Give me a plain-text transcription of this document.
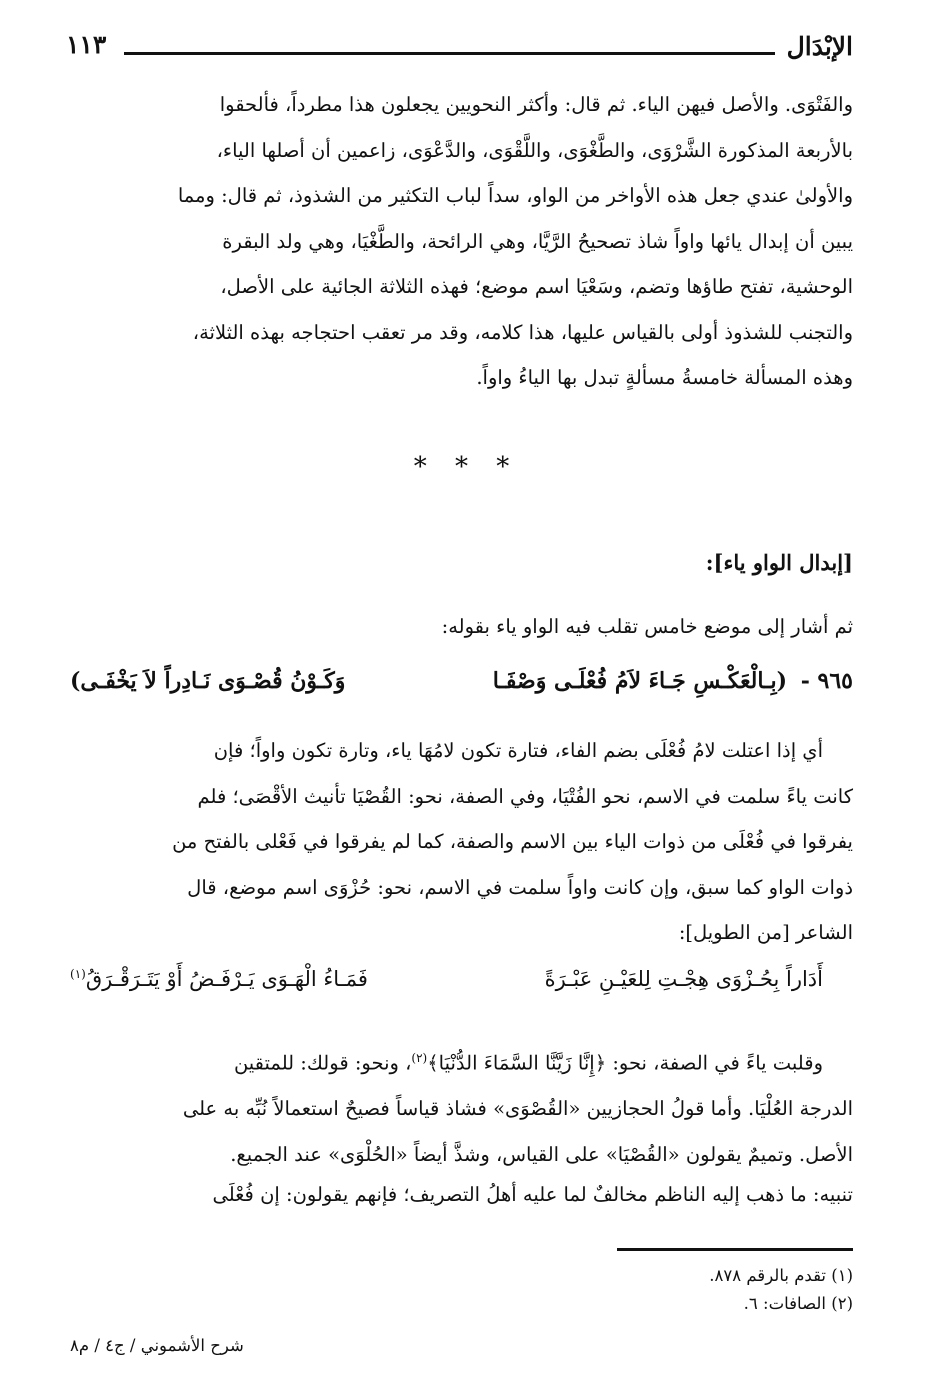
الإبْدَال
١١٣

والفَتْوَى. والأصل فيهن الياء. ثم قال: وأكثر النحويين يجعلون هذا مطرداً، فألحقوا

بالأربعة المذكورة الشَّرْوَى، والطَّغْوَى، واللَّقْوَى، والدَّعْوَى، زاعمين أن أصلها الياء،

والأولىٰ عندي جعل هذه الأواخر من الواو، سداً لباب التكثير من الشذوذ، ثم قال: ومما

يبين أن إبدال يائها واواً شاذ تصحيحُ الرَّيَّا، وهي الرائحة، والطَّغْيَا، وهي ولد البقرة

الوحشية، تفتح طاؤها وتضم، وسَعْيَا اسم موضع؛ فهذه الثلاثة الجائية على الأصل،

والتجنب للشذوذ أولى بالقياس عليها، هذا كلامه، وقد مر تعقب احتجاجه بهذه الثلاثة،

وهذه المسألة خامسةُ مسألةٍ تبدل بها الياءُ واواً.

* * *
[إبدال الواو ياء]:
ثم أشار إلى موضع خامس تقلب فيه الواو ياء بقوله:
٩٦٥ - (بِـالْعَكْـسِ جَـاءَ لاَمُ فُعْلَـى وَصْفَـا
وَكَـوْنُ قُصْـوَى نَـادِراً لاَ يَخْفَـى)

أي إذا اعتلت لامُ فُعْلَى بضم الفاء، فتارة تكون لامُهَا ياء، وتارة تكون واواً؛ فإن

كانت ياءً سلمت في الاسم، نحو الفُتْيَا، وفي الصفة، نحو: القُصْيَا تأنيث الأقْصَى؛ فلم

يفرقوا في فُعْلَى من ذوات الياء بين الاسم والصفة، كما لم يفرقوا في فَعْلى بالفتح من

ذوات الواو كما سبق، وإن كانت واواً سلمت في الاسم، نحو: حُزْوَى اسم موضع، قال

الشاعر [من الطويل]:

أَدَاراً بِحُـزْوَى هِجْـتِ لِلعَيْـنِ عَبْـرَةً
فَمَـاءُ الْهَـوَى يَـرْفَـضُ أَوْ يَتَـرَقْـرَقُ$^{(١)}$

وقلبت ياءً في الصفة، نحو: ﴿إِنَّا زَيَّنَّا السَّمَاءَ الدُّنْيَا﴾$^{(٢)}$، ونحو: قولك: للمتقين
الدرجة العُلْيَا. وأما قولُ الحجازيين «القُصْوَى» فشاذ قياساً فصيحٌ استعمالاً نُبِّه به على
الأصل. وتميمٌ يقولون «القُصْيَا» على القياس، وشذَّ أيضاً «الحُلْوَى» عند الجميع.

تنبيه: ما ذهب إليه الناظم مخالفٌ لما عليه أهلُ التصريف؛ فإنهم يقولون: إن فُعْلَى

(١) تقدم بالرقم ٨٧٨.
(٢) الصافات: ٦.
شرح الأشموني / ج٤ / م٨
